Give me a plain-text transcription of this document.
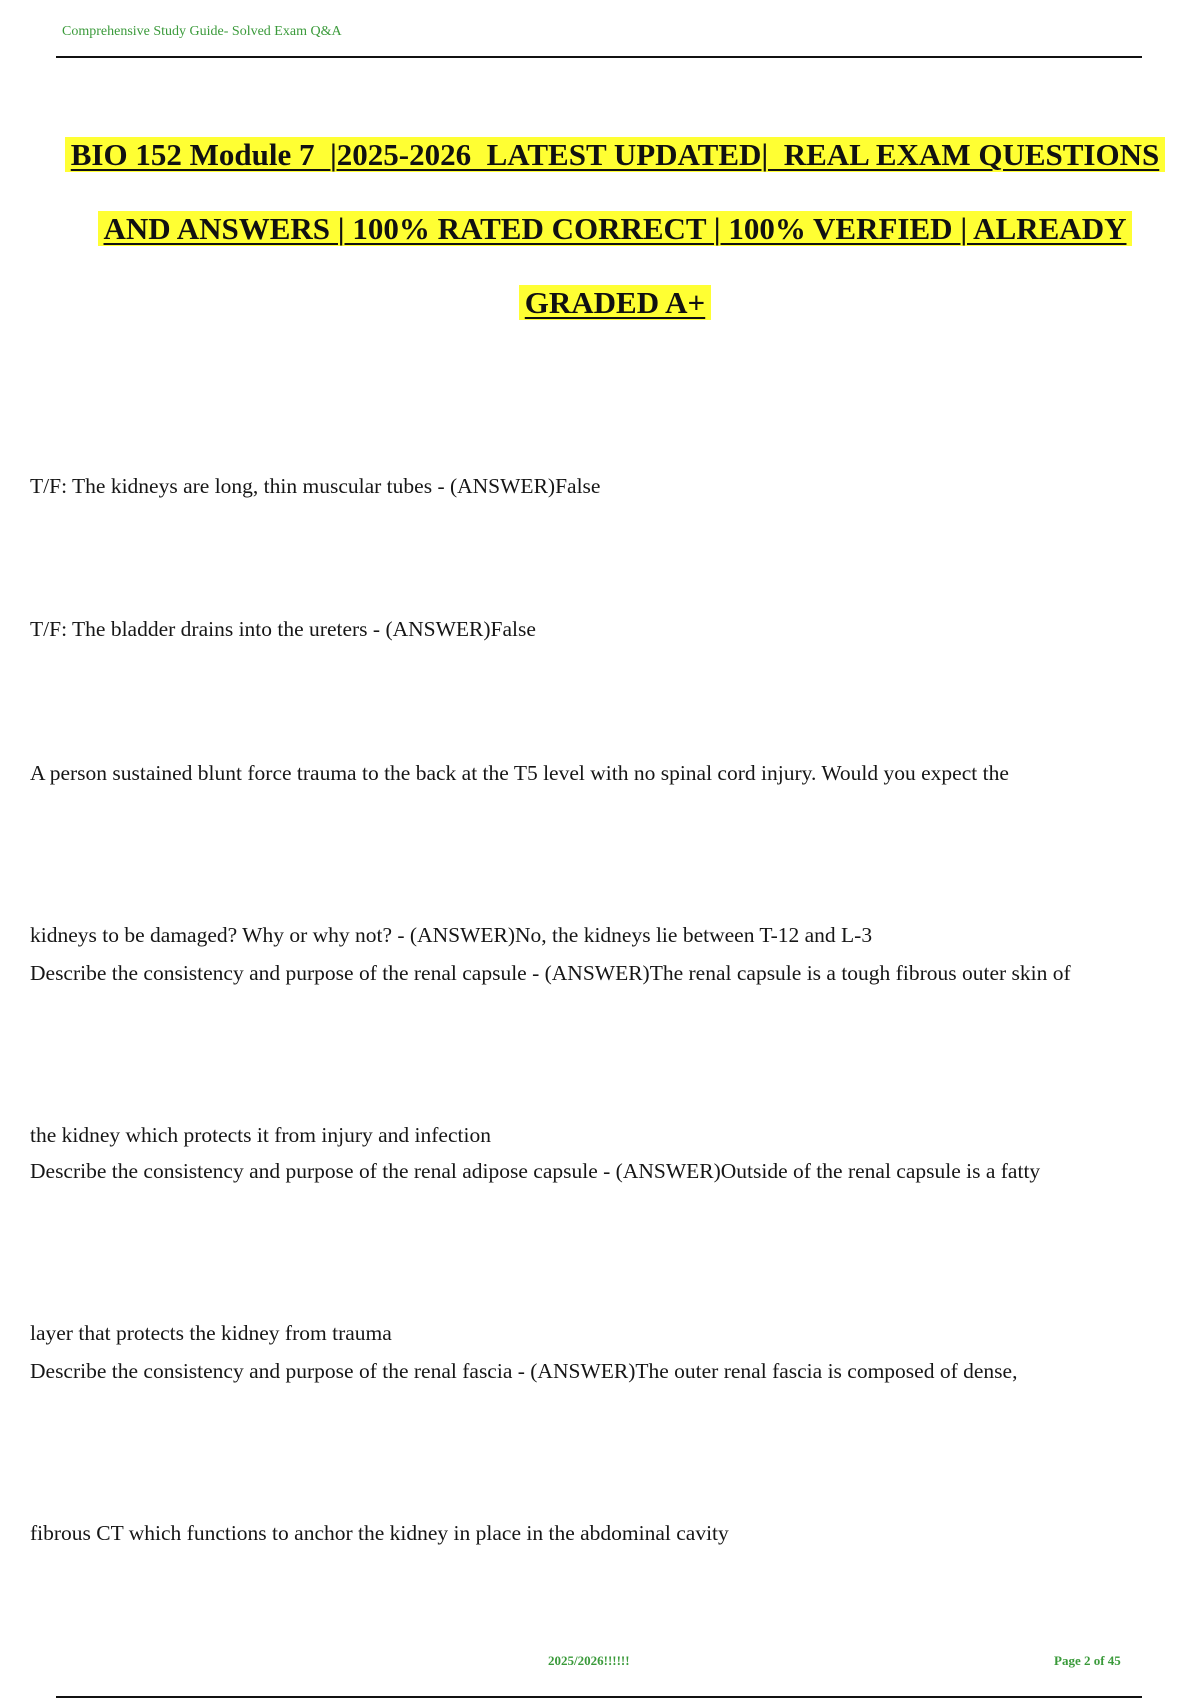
Comprehensive Study Guide- Solved Exam Q&A
BIO 152 Module 7  |2025-2026  LATEST UPDATED|  REAL EXAM QUESTIONS
AND ANSWERS | 100% RATED CORRECT | 100% VERFIED | ALREADY
GRADED A+

T/F: The kidneys are long, thin muscular tubes - (ANSWER)False

T/F: The bladder drains into the ureters - (ANSWER)False

A person sustained blunt force trauma to the back at the T5 level with no spinal cord injury. Would you expect the

kidneys to be damaged? Why or why not? - (ANSWER)No, the kidneys lie between T-12 and L-3

Describe the consistency and purpose of the renal capsule - (ANSWER)The renal capsule is a tough fibrous outer skin of

the kidney which protects it from injury and infection

Describe the consistency and purpose of the renal adipose capsule - (ANSWER)Outside of the renal capsule is a fatty

layer that protects the kidney from trauma

Describe the consistency and purpose of the renal fascia - (ANSWER)The outer renal fascia is composed of dense,

fibrous CT which functions to anchor the kidney in place in the abdominal cavity

2025/2026!!!!!!	Page 2 of 45
